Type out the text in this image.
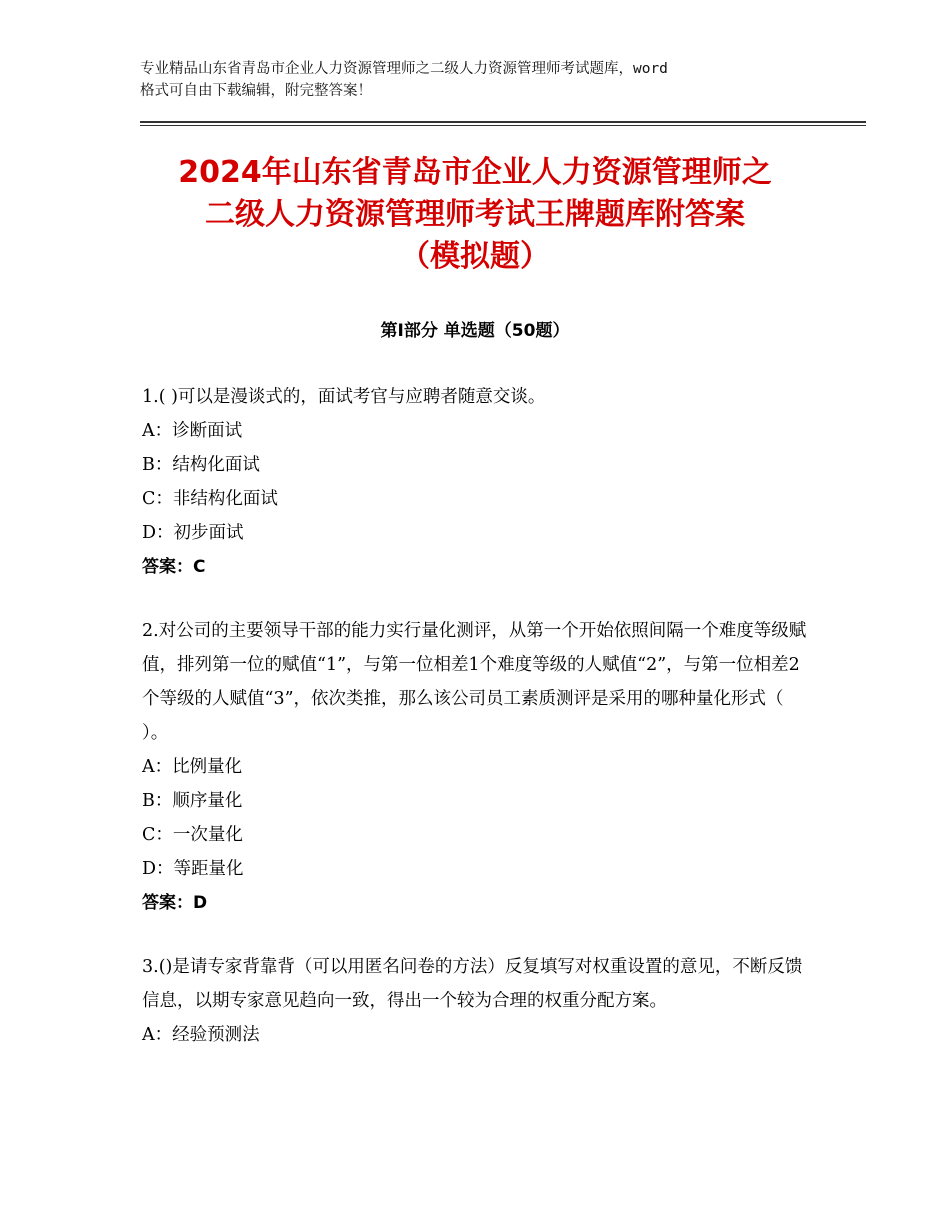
专业精品山东省青岛市企业人力资源管理师之二级人力资源管理师考试题库，word
格式可自由下载编辑，附完整答案！
2024年山东省青岛市企业人力资源管理师之
二级人力资源管理师考试王牌题库附答案
（模拟题）
第Ⅰ部分 单选题（50题）

1.( )可以是漫谈式的，面试考官与应聘者随意交谈。

A：诊断面试

B：结构化面试

C：非结构化面试

D：初步面试

答案：C

2.对公司的主要领导干部的能力实行量化测评，从第一个开始依照间隔一个难度等级赋值，排列第一位的赋值“1”，与第一位相差1个难度等级的人赋值“2”，与第一位相差2个等级的人赋值“3”，依次类推，那么该公司员工素质测评是采用的哪种量化形式（ ）。

A：比例量化

B：顺序量化

C：一次量化

D：等距量化

答案：D

3.()是请专家背靠背（可以用匿名问卷的方法）反复填写对权重设置的意见，不断反馈信息，以期专家意见趋向一致，得出一个较为合理的权重分配方案。

A：经验预测法
